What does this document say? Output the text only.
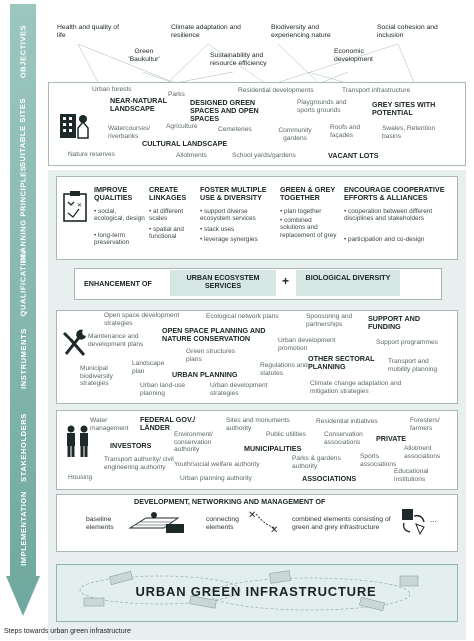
OBJECTIVES
SUITABLE SITES
PLANNING PRINCIPLES
QUALIFICATION
INSTRUMENTS
STAKEHOLDERS
IMPLEMENTATION
Health and quality of life
Green 'Baukultur'
Climate adaptation and resilience
Sustainability and resource efficiency
Biodiversity and experiencing nature
Economic development
Social cohesion and inclusion
Urban forests
Parks
Residential developments	Transport infrastructure
NEAR-NATURAL LANDSCAPE
DESIGNED GREEN SPACES AND OPEN SPACES
Playgrounds and sports grounds
GREY SITES WITH POTENTIAL
Watercourses/ riverbanks
Agriculture	Cemeteries	Community gardens
Roofs and façades
Swales, Retention basins
CULTURAL LANDSCAPE
Nature reserves	Allotments	School yards/gardens	VACANT LOTS
✕
IMPROVE QUALITIES
• social, ecological, design
• long-term preservation
CREATE LINKAGES
• at different scales
• spatial and functional
FOSTER MULTIPLE USE & DIVERSITY
• support diverse ecosystem services
• stack uses
• leverage synergies
GREEN & GREY TOGETHER
• plan together
• combined solutions and replacement of grey
ENCOURAGE COOPERATIVE EFFORTS & ALLIANCES
• cooperation between different disciplines and stakeholders
• participation and co-design
ENHANCEMENT OF
URBAN ECOSYSTEM SERVICES	+	BIOLOGICAL DIVERSITY
Open space development strategies
Ecological network plans	Sponsoring and partnerships
SUPPORT AND FUNDING
OPEN SPACE PLANNING AND NATURE CONSERVATION
Maintenance and development plans
Urban development promotion
Support programmes
Green structures plans	OTHER SECTORAL PLANNING
Municipal biodiversity strategies
Landscape plan
Regulations and statutes
Transport and mobility planning
URBAN PLANNING
Urban land-use planning
Urban development strategies
Climate change adaptation and mitigation strategies
Water management
FEDERAL GOV./ LÄNDER
Sites and monuments authority
Residential initiatives	Foresters/ farmers
Environment/ conservation authority
Public utilities	Conservation associations	PRIVATE
Allotment associations
INVESTORS	MUNICIPALITIES
Transport authority/ civil engineering authority	Youth/social welfare authority
Parks & gardens authority
Sports associations
Educational institutions
Housing	Urban planning authority	ASSOCIATIONS
DEVELOPMENT, NETWORKING AND MANAGEMENT OF
baseline elements
connecting elements
✕
✕
combined elements consisting of green and grey infrastructure
...
URBAN GREEN INFRASTRUCTURE
Steps towards urban green infrastructure
